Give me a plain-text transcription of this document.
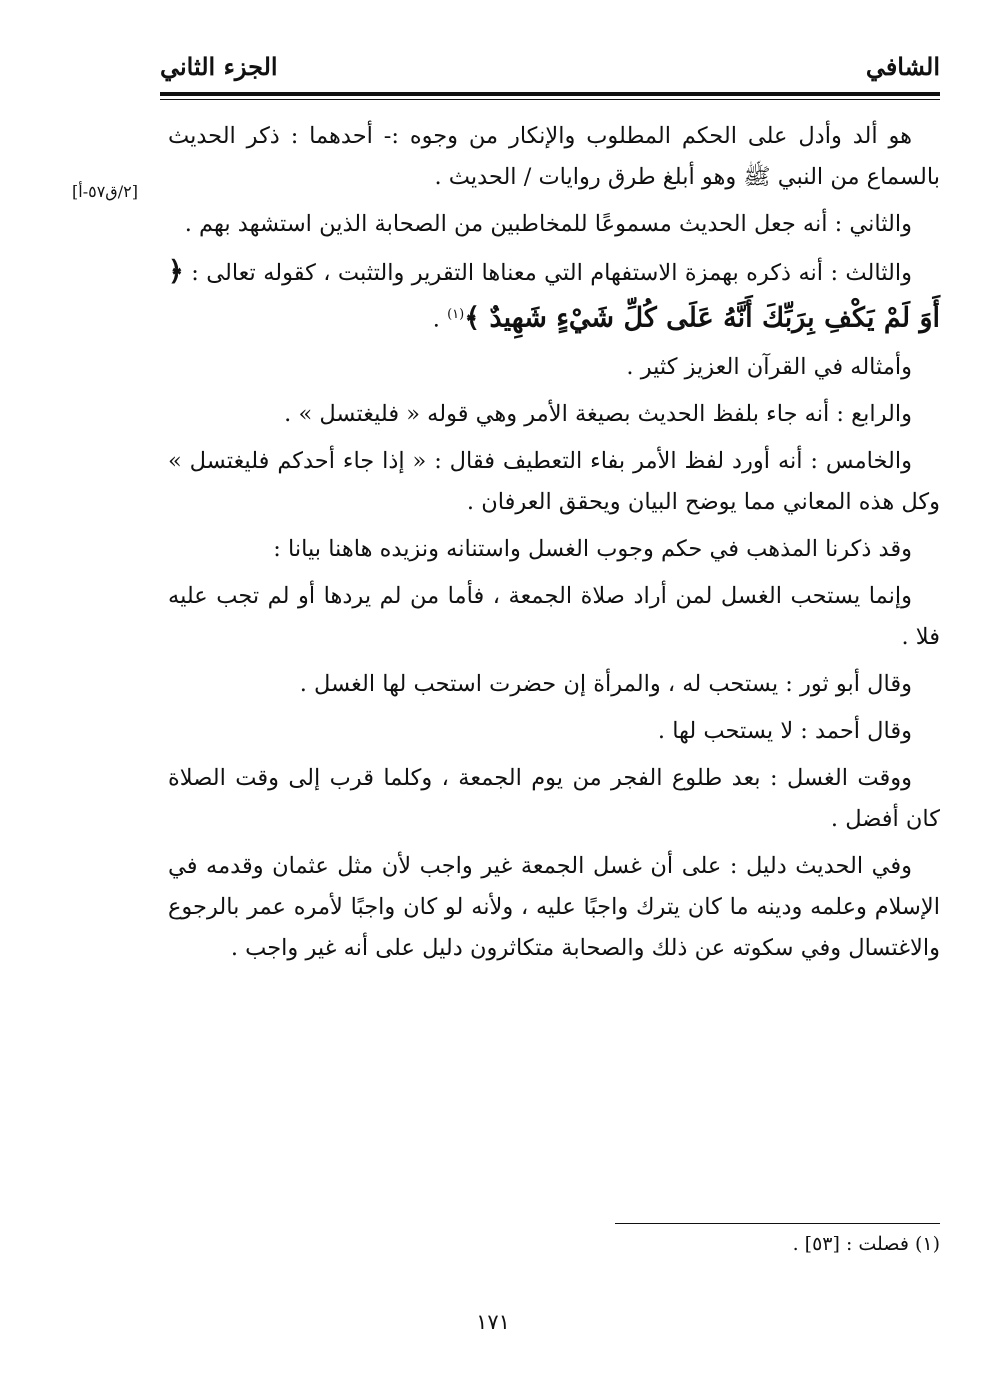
الشافي
الجزء الثاني
[٢/ق٥٧-أ]

هو ألد وأدل على الحكم المطلوب والإنكار من وجوه :- أحدهما : ذكر الحديث بالسماع من النبي ﷺ وهو أبلغ طرق روايات / الحديث .

والثاني : أنه جعل الحديث مسموعًا للمخاطبين من الصحابة الذين استشهد بهم .

والثالث : أنه ذكره بهمزة الاستفهام التي معناها التقرير والتثبت ، كقوله تعالى : ﴿ أَوَ لَمْ يَكْفِ بِرَبِّكَ أَنَّهُ عَلَى كُلِّ شَيْءٍ شَهِيدٌ ﴾$^{(١)}$ .

وأمثاله في القرآن العزيز كثير .

والرابع : أنه جاء بلفظ الحديث بصيغة الأمر وهي قوله « فليغتسل » .

والخامس : أنه أورد لفظ الأمر بفاء التعطيف فقال : « إذا جاء أحدكم فليغتسل » وكل هذه المعاني مما يوضح البيان ويحقق العرفان .

وقد ذكرنا المذهب في حكم وجوب الغسل واستنانه ونزيده هاهنا بيانا :

وإنما يستحب الغسل لمن أراد صلاة الجمعة ، فأما من لم يردها أو لم تجب عليه فلا .

وقال أبو ثور : يستحب له ، والمرأة إن حضرت استحب لها الغسل .

وقال أحمد : لا يستحب لها .

ووقت الغسل : بعد طلوع الفجر من يوم الجمعة ، وكلما قرب إلى وقت الصلاة كان أفضل .

وفي الحديث دليل : على أن غسل الجمعة غير واجب لأن مثل عثمان وقدمه في الإسلام وعلمه ودينه ما كان يترك واجبًا عليه ، ولأنه لو كان واجبًا لأمره عمر بالرجوع والاغتسال وفي سكوته عن ذلك والصحابة متكاثرون دليل على أنه غير واجب .

(١) فصلت : [٥٣] .
١٧١
